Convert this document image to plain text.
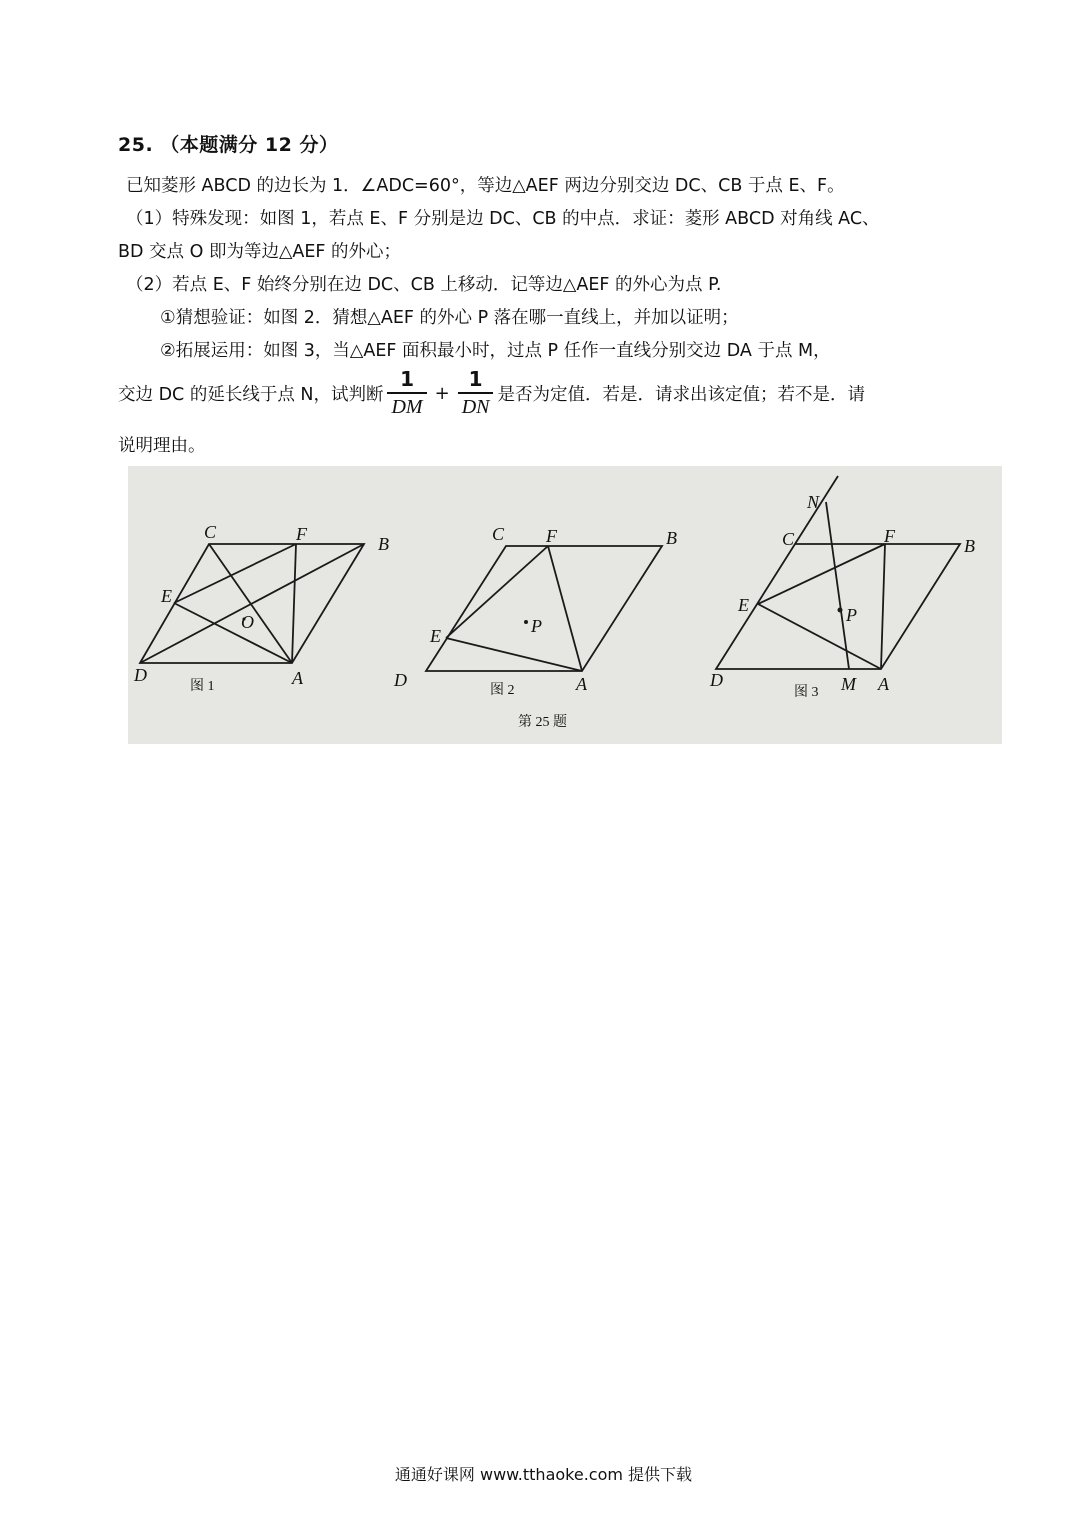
25. （本题满分 12 分）
已知菱形 ABCD 的边长为 1．∠ADC=60°，等边△AEF 两边分别交边 DC、CB 于点 E、F。
（1）特殊发现：如图 1，若点 E、F 分别是边 DC、CB 的中点．求证：菱形 ABCD 对角线 AC、
BD 交点 O 即为等边△AEF 的外心；
（2）若点 E、F 始终分别在边 DC、CB 上移动．记等边△AEF 的外心为点 P.
①猜想验证：如图 2．猜想△AEF 的外心 P 落在哪一直线上，并加以证明；
②拓展运用：如图 3，当△AEF 面积最小时，过点 P 任作一直线分别交边 DA 于点 M，
交边 DC 的延长线于点 N，试判断 $\frac{1}{DM} + \frac{1}{DN}$ 是否为定值．若是．请求出该定值；若不是．请
说明理由。
C	F	B
E
O
D	A
C F	B
E	P
D	A
N
C	F	B
E	P
D	M A
图 1	图 2	图 3
第 25 题
通通好课网 www.tthaoke.com 提供下载
